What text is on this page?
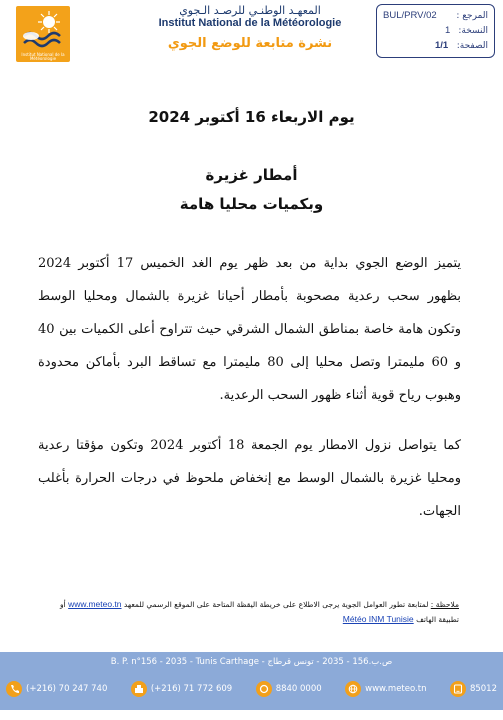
Institut National de la Météorologie
المعهـد الوطنـي للرصـد الـجوي
Institut National de la Météorologie
نشرة متابعة للوضع الجوي
BUL/PRV/02 المرجع :
1 النسخة:
1/1 الصفحة:
يوم الاربعاء 16 أكتوبر 2024
أمطار غزيرة
وبكميات محليا هامة
يتميز الوضع الجوي بداية من بعد ظهر يوم الغد الخميس 17 أكتوبر 2024 بظهور سحب رعدية مصحوبة بأمطار أحيانا غزيرة بالشمال ومحليا الوسط وتكون هامة خاصة بمناطق الشمال الشرقي حيث تتراوح أعلى الكميات بين 40 و 60 مليمترا وتصل محليا إلى 80 مليمترا مع تساقط البرد بأماكن محدودة وهبوب رياح قوية أثناء ظهور السحب الرعدية.
كما يتواصل نزول الامطار يوم الجمعة 18 أكتوبر 2024 وتكون مؤقتا رعدية ومحليا غزيرة بالشمال الوسط مع إنخفاض ملحوظ في درجات الحرارة بأغلب الجهات.
ملاحظة : لمتابعة تطور العوامل الجوية يرجى الاطلاع على خريطة اليقظة المتاحة على الموقع الرسمي للمعهد www.meteo.tn أو
تطبيقة الهاتف Météo INM Tunisie
B. P. n°156 - 2035 - Tunis Carthage - ص.ب.156 - 2035 - تونس قرطاج
(+216) 70 247 740	(+216) 71 772 609	8840 0000	www.meteo.tn	85012
